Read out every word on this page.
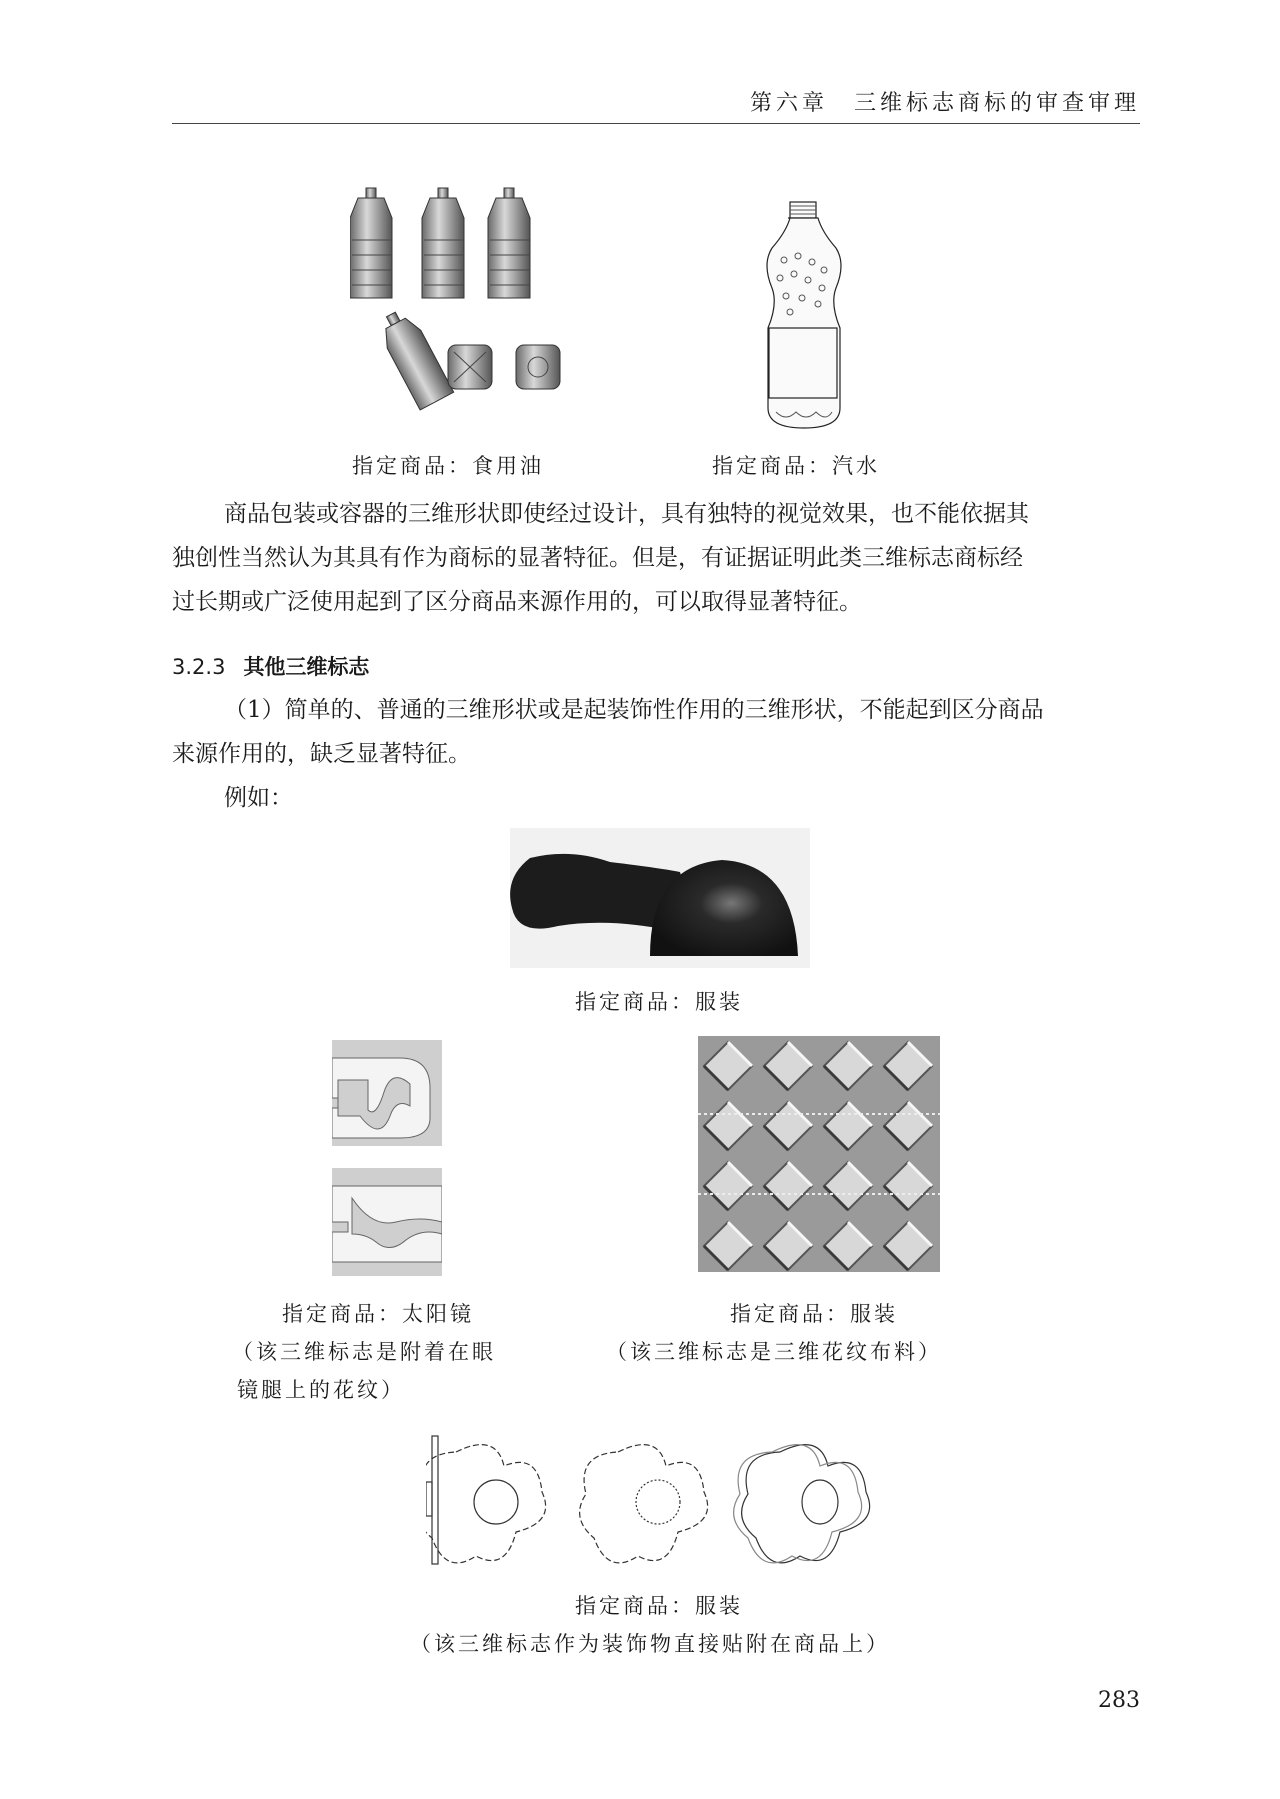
第六章　三维标志商标的审查审理
指定商品：食用油	指定商品：汽水
商品包装或容器的三维形状即使经过设计，具有独特的视觉效果，也不能依据其
独创性当然认为其具有作为商标的显著特征。但是，有证据证明此类三维标志商标经
过长期或广泛使用起到了区分商品来源作用的，可以取得显著特征。
3.2.3 其他三维标志
（1）简单的、普通的三维形状或是起装饰性作用的三维形状，不能起到区分商品
来源作用的，缺乏显著特征。
例如：
指定商品：服装
指定商品：太阳镜
（该三维标志是附着在眼
镜腿上的花纹）
指定商品：服装
（该三维标志是三维花纹布料）
指定商品：服装
（该三维标志作为装饰物直接贴附在商品上）
283
